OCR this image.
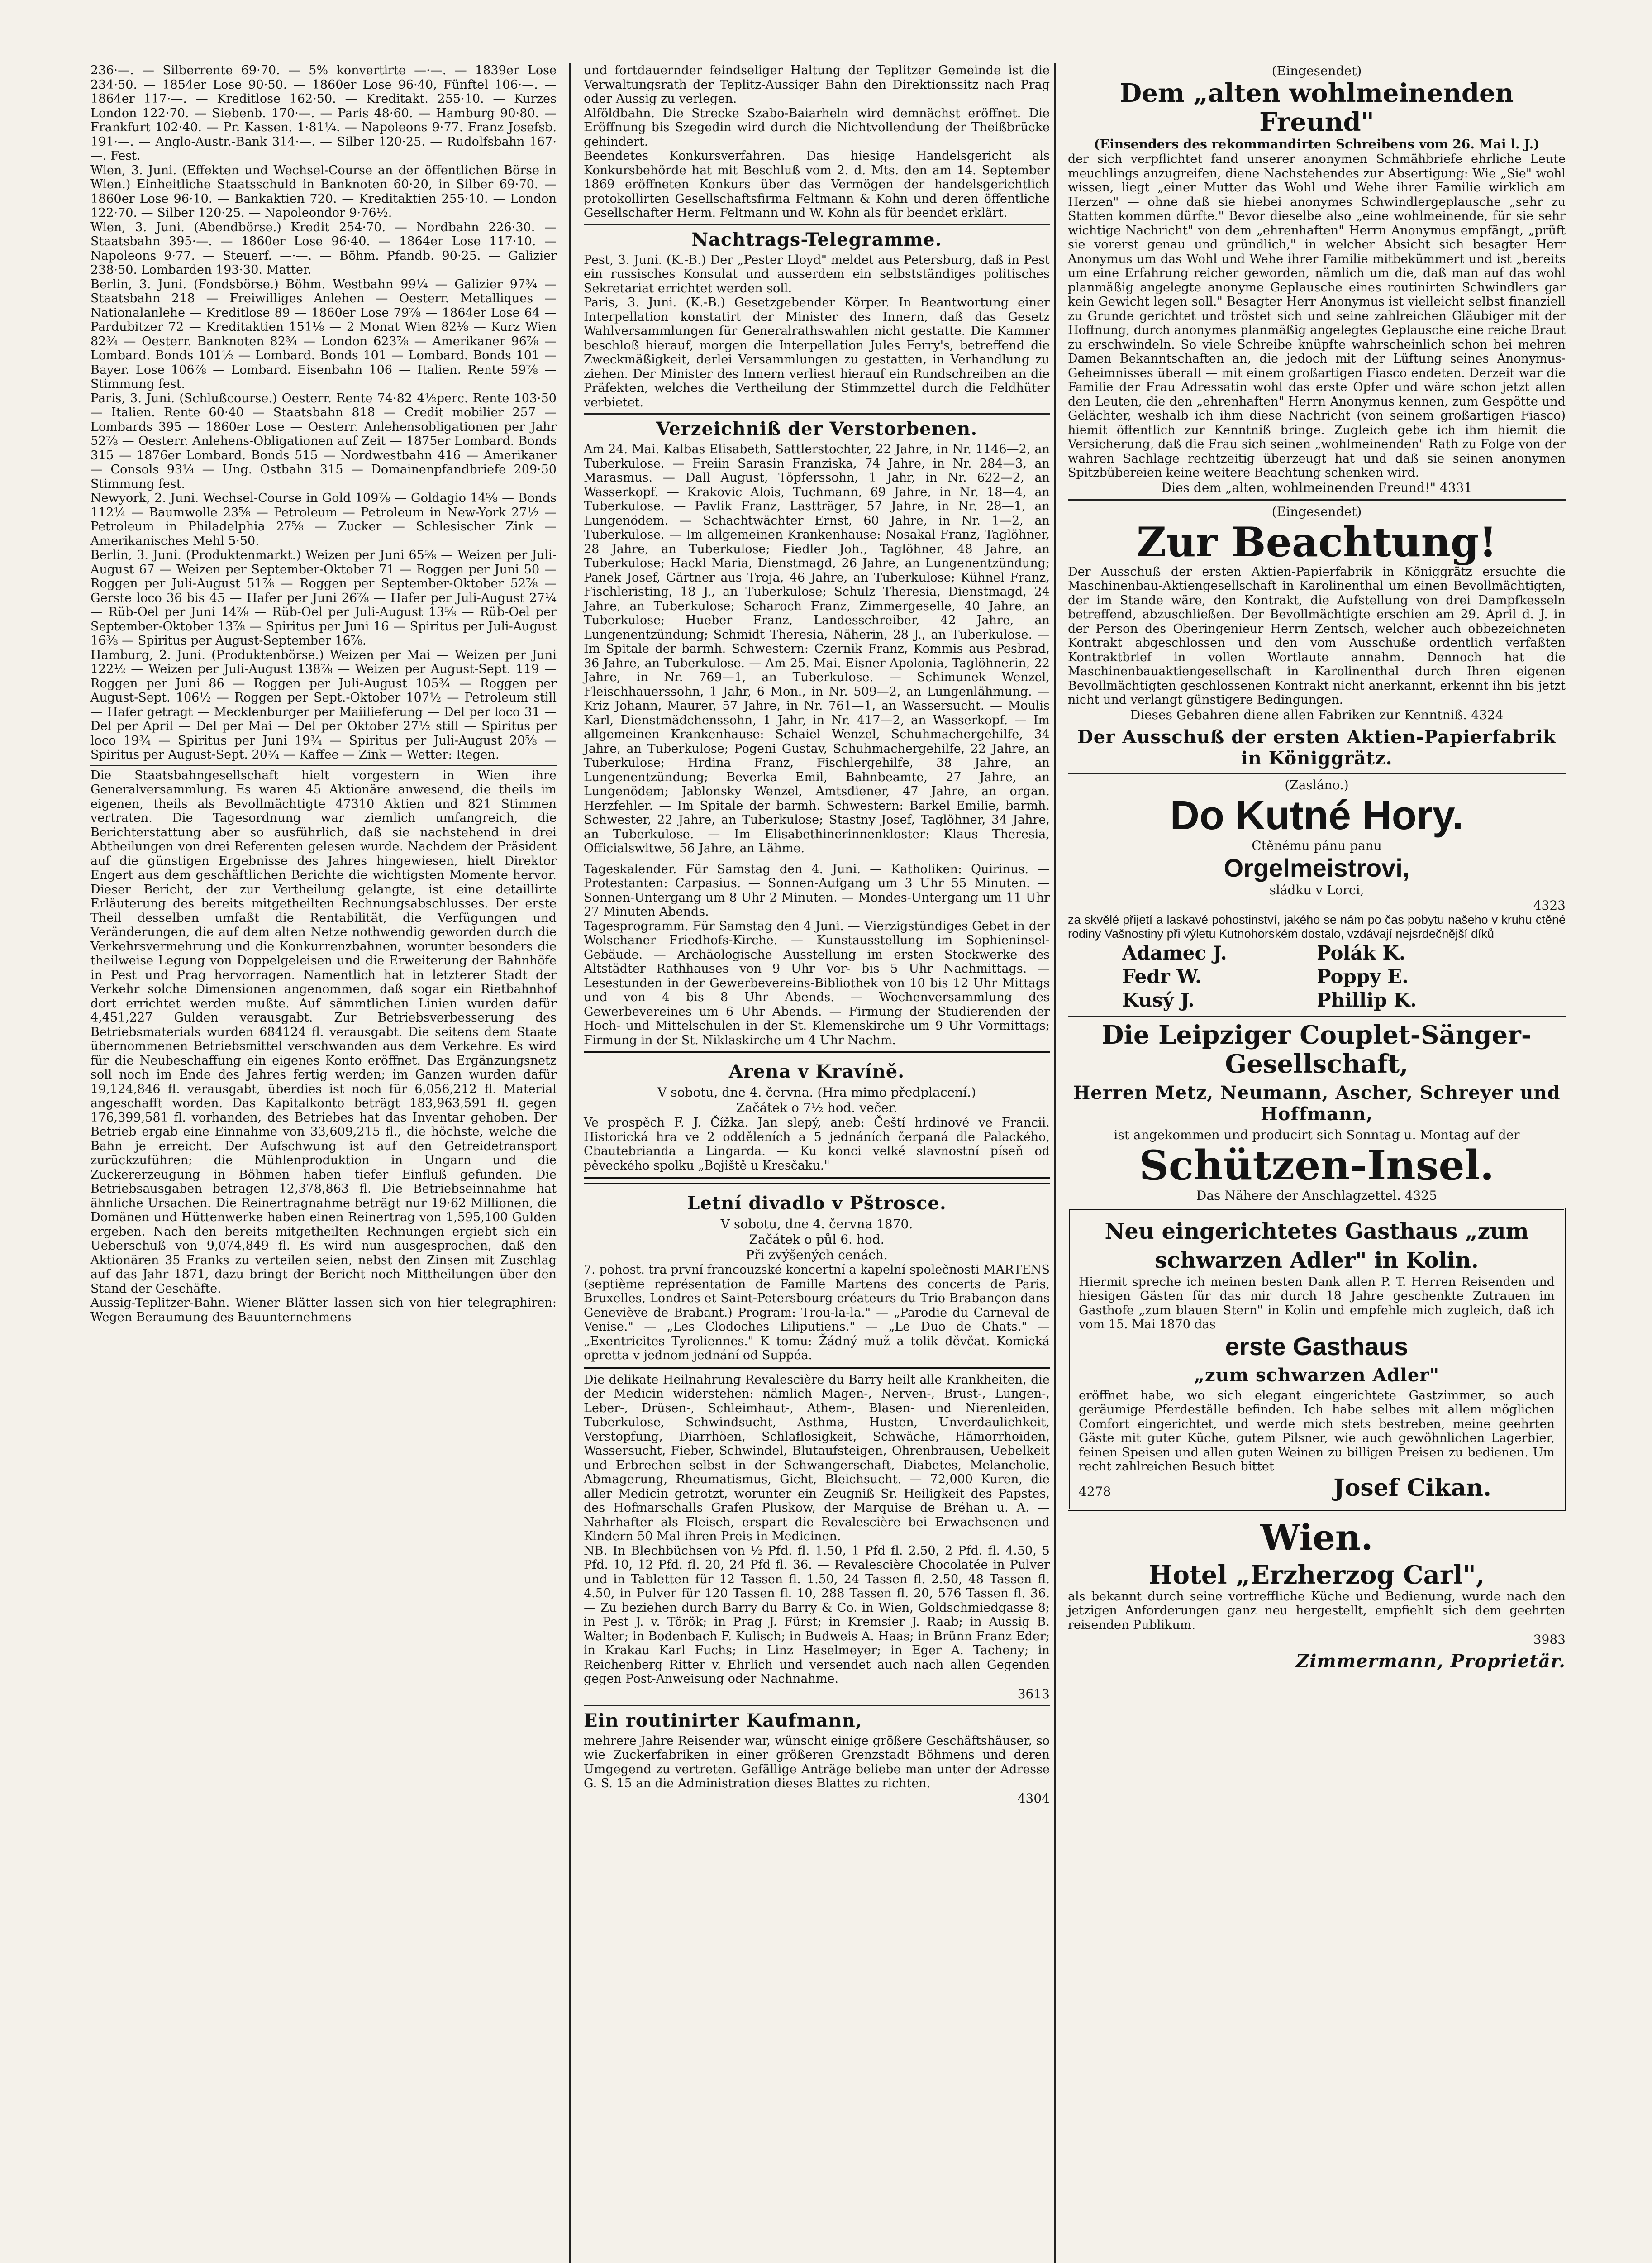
236·—. — Silberrente 69·70. — 5% konvertirte —·—. — 1839er Lose 234·50. — 1854er Lose 90·50. — 1860er Lose 96·40, Fünftel 106·—. — 1864er 117·—. — Kreditlose 162·50. — Kreditakt. 255·10. — Kurzes London 122·70. — Siebenb. 170·—. — Paris 48·60. — Hamburg 90·80. — Frankfurt 102·40. — Pr. Kassen. 1·81¼. — Napoleons 9·77. Franz Josefsb. 191·—. — Anglo-Austr.-Bank 314·—. — Silber 120·25. — Rudolfsbahn 167·—. Fest.

Wien, 3. Juni. (Effekten und Wechsel-Course an der öffentlichen Börse in Wien.) Einheitliche Staatsschuld in Banknoten 60·20, in Silber 69·70. — 1860er Lose 96·10. — Bankaktien 720. — Kreditaktien 255·10. — London 122·70. — Silber 120·25. — Napoleondor 9·76½.

Wien, 3. Juni. (Abendbörse.) Kredit 254·70. — Nordbahn 226·30. — Staatsbahn 395·—. — 1860er Lose 96·40. — 1864er Lose 117·10. — Napoleons 9·77. — Steuerf. —·—. — Böhm. Pfandb. 90·25. — Galizier 238·50. Lombarden 193·30. Matter.

Berlin, 3. Juni. (Fondsbörse.) Böhm. Westbahn 99¼ — Galizier 97¾ — Staatsbahn 218 — Freiwilliges Anlehen — Oesterr. Metalliques — Nationalanlehe — Kreditlose 89 — 1860er Lose 79⅞ — 1864er Lose 64 — Pardubitzer 72 — Kreditaktien 151⅛ — 2 Monat Wien 82⅛ — Kurz Wien 82¾ — Oesterr. Banknoten 82¾ — London 623⅞ — Amerikaner 96⅞ — Lombard. Bonds 101½ — Lombard. Bonds 101 — Lombard. Bonds 101 — Bayer. Lose 106⅞ — Lombard. Eisenbahn 106 — Italien. Rente 59⅞ — Stimmung fest.

Paris, 3. Juni. (Schlußcourse.) Oesterr. Rente 74·82 4½perc. Rente 103·50 — Italien. Rente 60·40 — Staatsbahn 818 — Credit mobilier 257 — Lombards 395 — 1860er Lose — Oesterr. Anlehensobligationen per Jahr 52⅞ — Oesterr. Anlehens-Obligationen auf Zeit — 1875er Lombard. Bonds 315 — 1876er Lombard. Bonds 515 — Nordwestbahn 416 — Amerikaner — Consols 93¼ — Ung. Ostbahn 315 — Domainenpfandbriefe 209·50 Stimmung fest.

Newyork, 2. Juni. Wechsel-Course in Gold 109⅞ — Goldagio 14⅝ — Bonds 112¼ — Baumwolle 23⅝ — Petroleum — Petroleum in New-York 27½ — Petroleum in Philadelphia 27⅝ — Zucker — Schlesischer Zink — Amerikanisches Mehl 5·50.

Berlin, 3. Juni. (Produktenmarkt.) Weizen per Juni 65⅝ — Weizen per Juli-August 67 — Weizen per September-Oktober 71 — Roggen per Juni 50 — Roggen per Juli-August 51⅞ — Roggen per September-Oktober 52⅞ — Gerste loco 36 bis 45 — Hafer per Juni 26⅞ — Hafer per Juli-August 27¼ — Rüb-Oel per Juni 14⅞ — Rüb-Oel per Juli-August 13⅝ — Rüb-Oel per September-Oktober 13⅞ — Spiritus per Juni 16 — Spiritus per Juli-August 16⅜ — Spiritus per August-September 16⅞.

Hamburg, 2. Juni. (Produktenbörse.) Weizen per Mai — Weizen per Juni 122½ — Weizen per Juli-August 138⅞ — Weizen per August-Sept. 119 — Roggen per Juni 86 — Roggen per Juli-August 105¾ — Roggen per August-Sept. 106½ — Roggen per Sept.-Oktober 107½ — Petroleum still — Hafer getragt — Mecklenburger per Maiilieferung — Del per loco 31 — Del per April — Del per Mai — Del per Oktober 27½ still — Spiritus per loco 19¾ — Spiritus per Juni 19¾ — Spiritus per Juli-August 20⅝ — Spiritus per August-Sept. 20¾ — Kaffee — Zink — Wetter: Regen.

Die Staatsbahngesellschaft hielt vorgestern in Wien ihre Generalversammlung. Es waren 45 Aktionäre anwesend, die theils im eigenen, theils als Bevollmächtigte 47310 Aktien und 821 Stimmen vertraten. Die Tagesordnung war ziemlich umfangreich, die Berichterstattung aber so ausführlich, daß sie nachstehend in drei Abtheilungen von drei Referenten gelesen wurde. Nachdem der Präsident auf die günstigen Ergebnisse des Jahres hingewiesen, hielt Direktor Engert aus dem geschäftlichen Berichte die wichtigsten Momente hervor. Dieser Bericht, der zur Vertheilung gelangte, ist eine detaillirte Erläuterung des bereits mitgetheilten Rechnungsabschlusses. Der erste Theil desselben umfaßt die Rentabilität, die Verfügungen und Veränderungen, die auf dem alten Netze nothwendig geworden durch die Verkehrsvermehrung und die Konkurrenzbahnen, worunter besonders die theilweise Legung von Doppelgeleisen und die Erweiterung der Bahnhöfe in Pest und Prag hervorragen. Namentlich hat in letzterer Stadt der Verkehr solche Dimensionen angenommen, daß sogar ein Rietbahnhof dort errichtet werden mußte. Auf sämmtlichen Linien wurden dafür 4,451,227 Gulden verausgabt. Zur Betriebsverbesserung des Betriebsmaterials wurden 684124 fl. verausgabt. Die seitens dem Staate übernommenen Betriebsmittel verschwanden aus dem Verkehre. Es wird für die Neubeschaffung ein eigenes Konto eröffnet. Das Ergänzungsnetz soll noch im Ende des Jahres fertig werden; im Ganzen wurden dafür 19,124,846 fl. verausgabt, überdies ist noch für 6,056,212 fl. Material angeschafft worden. Das Kapitalkonto beträgt 183,963,591 fl. gegen 176,399,581 fl. vorhanden, des Betriebes hat das Inventar gehoben. Der Betrieb ergab eine Einnahme von 33,609,215 fl., die höchste, welche die Bahn je erreicht. Der Aufschwung ist auf den Getreidetransport zurückzuführen; die Mühlenproduktion in Ungarn und die Zuckererzeugung in Böhmen haben tiefer Einfluß gefunden. Die Betriebsausgaben betragen 12,378,863 fl. Die Betriebseinnahme hat ähnliche Ursachen. Die Reinertragnahme beträgt nur 19·62 Millionen, die Domänen und Hüttenwerke haben einen Reinertrag von 1,595,100 Gulden ergeben. Nach den bereits mitgetheilten Rechnungen ergiebt sich ein Ueberschuß von 9,074,849 fl. Es wird nun ausgesprochen, daß den Aktionären 35 Franks zu verteilen seien, nebst den Zinsen mit Zuschlag auf das Jahr 1871, dazu bringt der Bericht noch Mittheilungen über den Stand der Geschäfte.

Aussig-Teplitzer-Bahn. Wiener Blätter lassen sich von hier telegraphiren: Wegen Beraumung des Bauunternehmens

und fortdauernder feindseliger Haltung der Teplitzer Gemeinde ist die Verwaltungsrath der Teplitz-Aussiger Bahn den Direktionssitz nach Prag oder Aussig zu verlegen.

Alföldbahn. Die Strecke Szabo-Baiarheln wird demnächst eröffnet. Die Eröffnung bis Szegedin wird durch die Nichtvollendung der Theißbrücke gehindert.

Beendetes Konkursverfahren. Das hiesige Handelsgericht als Konkursbehörde hat mit Beschluß vom 2. d. Mts. den am 14. September 1869 eröffneten Konkurs über das Vermögen der handelsgerichtlich protokollirten Gesellschaftsfirma Feltmann & Kohn und deren öffentliche Gesellschafter Herm. Feltmann und W. Kohn als für beendet erklärt.

Nachtrags-Telegramme.

Pest, 3. Juni. (K.-B.) Der „Pester Lloyd" meldet aus Petersburg, daß in Pest ein russisches Konsulat und ausserdem ein selbstständiges politisches Sekretariat errichtet werden soll.

Paris, 3. Juni. (K.-B.) Gesetzgebender Körper. In Beantwortung einer Interpellation konstatirt der Minister des Innern, daß das Gesetz Wahlversammlungen für Generalrathswahlen nicht gestatte. Die Kammer beschloß hierauf, morgen die Interpellation Jules Ferry's, betreffend die Zweckmäßigkeit, derlei Versammlungen zu gestatten, in Verhandlung zu ziehen. Der Minister des Innern verliest hierauf ein Rundschreiben an die Präfekten, welches die Vertheilung der Stimmzettel durch die Feldhüter verbietet.

Verzeichniß der Verstorbenen.

Am 24. Mai. Kalbas Elisabeth, Sattlerstochter, 22 Jahre, in Nr. 1146—2, an Tuberkulose. — Freiin Sarasin Franziska, 74 Jahre, in Nr. 284—3, an Marasmus. — Dall August, Töpferssohn, 1 Jahr, in Nr. 622—2, an Wasserkopf. — Krakovic Alois, Tuchmann, 69 Jahre, in Nr. 18—4, an Tuberkulose. — Pavlik Franz, Lastträger, 57 Jahre, in Nr. 28—1, an Lungenödem. — Schachtwächter Ernst, 60 Jahre, in Nr. 1—2, an Tuberkulose. — Im allgemeinen Krankenhause: Nosakal Franz, Taglöhner, 28 Jahre, an Tuberkulose; Fiedler Joh., Taglöhner, 48 Jahre, an Tuberkulose; Hackl Maria, Dienstmagd, 26 Jahre, an Lungenentzündung; Panek Josef, Gärtner aus Troja, 46 Jahre, an Tuberkulose; Kühnel Franz, Fischleristing, 18 J., an Tuberkulose; Schulz Theresia, Dienstmagd, 24 Jahre, an Tuberkulose; Scharoch Franz, Zimmergeselle, 40 Jahre, an Tuberkulose; Hueber Franz, Landesschreiber, 42 Jahre, an Lungenentzündung; Schmidt Theresia, Näherin, 28 J., an Tuberkulose. — Im Spitale der barmh. Schwestern: Czernik Franz, Kommis aus Pesbrad, 36 Jahre, an Tuberkulose. — Am 25. Mai. Eisner Apolonia, Taglöhnerin, 22 Jahre, in Nr. 769—1, an Tuberkulose. — Schimunek Wenzel, Fleischhauerssohn, 1 Jahr, 6 Mon., in Nr. 509—2, an Lungenlähmung. — Kriz Johann, Maurer, 57 Jahre, in Nr. 761—1, an Wassersucht. — Moulis Karl, Dienstmädchenssohn, 1 Jahr, in Nr. 417—2, an Wasserkopf. — Im allgemeinen Krankenhause: Schaiel Wenzel, Schuhmachergehilfe, 34 Jahre, an Tuberkulose; Pogeni Gustav, Schuhmachergehilfe, 22 Jahre, an Tuberkulose; Hrdina Franz, Fischlergehilfe, 38 Jahre, an Lungenentzündung; Beverka Emil, Bahnbeamte, 27 Jahre, an Lungenödem; Jablonsky Wenzel, Amtsdiener, 47 Jahre, an organ. Herzfehler. — Im Spitale der barmh. Schwestern: Barkel Emilie, barmh. Schwester, 22 Jahre, an Tuberkulose; Stastny Josef, Taglöhner, 34 Jahre, an Tuberkulose. — Im Elisabethinerinnenkloster: Klaus Theresia, Officialswitwe, 56 Jahre, an Lähme.

Tageskalender. Für Samstag den 4. Juni. — Katholiken: Quirinus. — Protestanten: Carpasius. — Sonnen-Aufgang um 3 Uhr 55 Minuten. — Sonnen-Untergang um 8 Uhr 2 Minuten. — Mondes-Untergang um 11 Uhr 27 Minuten Abends.

Tagesprogramm. Für Samstag den 4 Juni. — Vierzigstündiges Gebet in der Wolschaner Friedhofs-Kirche. — Kunstausstellung im Sophieninsel-Gebäude. — Archäologische Ausstellung im ersten Stockwerke des Altstädter Rathhauses von 9 Uhr Vor- bis 5 Uhr Nachmittags. — Lesestunden in der Gewerbevereins-Bibliothek von 10 bis 12 Uhr Mittags und von 4 bis 8 Uhr Abends. — Wochenversammlung des Gewerbevereines um 6 Uhr Abends. — Firmung der Studierenden der Hoch- und Mittelschulen in der St. Klemenskirche um 9 Uhr Vormittags; Firmung in der St. Niklaskirche um 4 Uhr Nachm.

Arena v Kravíně.
V sobotu, dne 4. června. (Hra mimo předplacení.)
Začátek o 7½ hod. večer.

Ve prospěch F. J. Čížka. Jan slepý, aneb: Čeští hrdinové ve Francii. Historická hra ve 2 odděleních a 5 jednáních čerpaná dle Palackého, Cbautebrianda a Lingarda. — Ku konci velké slavnostní píseň od pěveckého spolku „Bojiště u Kresčaku."

Letní divadlo v Pštrosce.
V sobotu, dne 4. června 1870.
Začátek o půl 6. hod.
Při zvýšených cenách.

7. pohost. tra první francouzské koncertní a kapelní společnosti MARTENS (septième représentation de Famille Martens des concerts de Paris, Bruxelles, Londres et Saint-Petersbourg créateurs du Trio Brabançon dans Geneviève de Brabant.) Program: Trou-la-la." — „Parodie du Carneval de Venise." — „Les Clodoches Liliputiens." — „Le Duo de Chats." — „Exentricites Tyroliennes." K tomu: Žádný muž a tolik děvčat. Komická opretta v jednom jednání od Suppéa.

Die delikate Heilnahrung Revalescière du Barry heilt alle Krankheiten, die der Medicin widerstehen: nämlich Magen-, Nerven-, Brust-, Lungen-, Leber-, Drüsen-, Schleimhaut-, Athem-, Blasen- und Nierenleiden, Tuberkulose, Schwindsucht, Asthma, Husten, Unverdaulichkeit, Verstopfung, Diarrhöen, Schlaflosigkeit, Schwäche, Hämorrhoiden, Wassersucht, Fieber, Schwindel, Blutaufsteigen, Ohrenbrausen, Uebelkeit und Erbrechen selbst in der Schwangerschaft, Diabetes, Melancholie, Abmagerung, Rheumatismus, Gicht, Bleichsucht. — 72,000 Kuren, die aller Medicin getrotzt, worunter ein Zeugniß Sr. Heiligkeit des Papstes, des Hofmarschalls Grafen Pluskow, der Marquise de Bréhan u. A. — Nahrhafter als Fleisch, erspart die Revalescière bei Erwachsenen und Kindern 50 Mal ihren Preis in Medicinen.

NB. In Blechbüchsen von ½ Pfd. fl. 1.50, 1 Pfd fl. 2.50, 2 Pfd. fl. 4.50, 5 Pfd. 10, 12 Pfd. fl. 20, 24 Pfd fl. 36. — Revalescière Chocolatée in Pulver und in Tabletten für 12 Tassen fl. 1.50, 24 Tassen fl. 2.50, 48 Tassen fl. 4.50, in Pulver für 120 Tassen fl. 10, 288 Tassen fl. 20, 576 Tassen fl. 36. — Zu beziehen durch Barry du Barry & Co. in Wien, Goldschmiedgasse 8; in Pest J. v. Török; in Prag J. Fürst; in Kremsier J. Raab; in Aussig B. Walter; in Bodenbach F. Kulisch; in Budweis A. Haas; in Brünn Franz Eder; in Krakau Karl Fuchs; in Linz Haselmeyer; in Eger A. Tacheny; in Reichenberg Ritter v. Ehrlich und versendet auch nach allen Gegenden gegen Post-Anweisung oder Nachnahme.

3613
Ein routinirter Kaufmann,

mehrere Jahre Reisender war, wünscht einige größere Geschäftshäuser, so wie Zuckerfabriken in einer größeren Grenzstadt Böhmens und deren Umgegend zu vertreten. Gefällige Anträge beliebe man unter der Adresse G. S. 15 an die Administration dieses Blattes zu richten.

4304
(Eingesendet)
Dem „alten wohlmeinenden Freund"
(Einsenders des rekommandirten Schreibens vom 26. Mai l. J.)

der sich verpflichtet fand unserer anonymen Schmähbriefe ehrliche Leute meuchlings anzugreifen, diene Nachstehendes zur Absertigung: Wie „Sie" wohl wissen, liegt „einer Mutter das Wohl und Wehe ihrer Familie wirklich am Herzen" — ohne daß sie hiebei anonymes Schwindlergeplausche „sehr zu Statten kommen dürfte." Bevor dieselbe also „eine wohlmeinende, für sie sehr wichtige Nachricht" von dem „ehrenhaften" Herrn Anonymus empfängt, „prüft sie vorerst genau und gründlich," in welcher Absicht sich besagter Herr Anonymus um das Wohl und Wehe ihrer Familie mitbekümmert und ist „bereits um eine Erfahrung reicher geworden, nämlich um die, daß man auf das wohl planmäßig angelegte anonyme Geplausche eines routinirten Schwindlers gar kein Gewicht legen soll." Besagter Herr Anonymus ist vielleicht selbst finanziell zu Grunde gerichtet und tröstet sich und seine zahlreichen Gläubiger mit der Hoffnung, durch anonymes planmäßig angelegtes Geplausche eine reiche Braut zu erschwindeln. So viele Schreibe knüpfte wahrscheinlich schon bei mehren Damen Bekanntschaften an, die jedoch mit der Lüftung seines Anonymus-Geheimnisses überall — mit einem großartigen Fiasco endeten. Derzeit war die Familie der Frau Adressatin wohl das erste Opfer und wäre schon jetzt allen den Leuten, die den „ehrenhaften" Herrn Anonymus kennen, zum Gespötte und Gelächter, weshalb ich ihm diese Nachricht (von seinem großartigen Fiasco) hiemit öffentlich zur Kenntniß bringe. Zugleich gebe ich ihm hiemit die Versicherung, daß die Frau sich seinen „wohlmeinenden" Rath zu Folge von der wahren Sachlage rechtzeitig überzeugt hat und daß sie seinen anonymen Spitzbübereien keine weitere Beachtung schenken wird.

Dies dem „alten, wohlmeinenden Freund!" 4331
(Eingesendet)
Zur Beachtung!

Der Ausschuß der ersten Aktien-Papierfabrik in Königgrätz ersuchte die Maschinenbau-Aktiengesellschaft in Karolinenthal um einen Bevollmächtigten, der im Stande wäre, den Kontrakt, die Aufstellung von drei Dampfkesseln betreffend, abzuschließen. Der Bevollmächtigte erschien am 29. April d. J. in der Person des Oberingenieur Herrn Zentsch, welcher auch obbezeichneten Kontrakt abgeschlossen und den vom Ausschuße ordentlich verfaßten Kontraktbrief in vollen Wortlaute annahm. Dennoch hat die Maschinenbauaktiengesellschaft in Karolinenthal durch Ihren eigenen Bevollmächtigten geschlossenen Kontrakt nicht anerkannt, erkennt ihn bis jetzt nicht und verlangt günstigere Bedingungen.

Dieses Gebahren diene allen Fabriken zur Kenntniß. 4324
Der Ausschuß der ersten Aktien-Papierfabrik in Königgrätz.
(Zasláno.)
Do Kutné Hory.
Ctěnému pánu panu
Orgelmeistrovi,
sládku v Lorci,
4323

za skvělé přijetí a laskavé pohostinství, jakého se nám po čas pobytu našeho v kruhu ctěné rodiny Vašnostiny při výletu Kutnohorském dostalo, vzdávají nejsrdečnější díků

Adamec J.	Polák K.
Fedr W.	Poppy E.
Kusý J.	Phillip K.
Die Leipziger Couplet-Sänger-Gesellschaft,
Herren Metz, Neumann, Ascher, Schreyer und Hoffmann,
ist angekommen und producirt sich Sonntag u. Montag auf der
Schützen-Insel.
Das Nähere der Anschlagzettel. 4325
Neu eingerichtetes Gasthaus „zum schwarzen Adler" in Kolin.

Hiermit spreche ich meinen besten Dank allen P. T. Herren Reisenden und hiesigen Gästen für das mir durch 18 Jahre geschenkte Zutrauen im Gasthofe „zum blauen Stern" in Kolin und empfehle mich zugleich, daß ich vom 15. Mai 1870 das

erste Gasthaus
„zum schwarzen Adler"

eröffnet habe, wo sich elegant eingerichtete Gastzimmer, so auch geräumige Pferdeställe befinden. Ich habe selbes mit allem möglichen Comfort eingerichtet, und werde mich stets bestreben, meine geehrten Gäste mit guter Küche, gutem Pilsner, wie auch gewöhnlichen Lagerbier, feinen Speisen und allen guten Weinen zu billigen Preisen zu bedienen. Um recht zahlreichen Besuch bittet

4278	Josef Cikan.
Wien.
Hotel „Erzherzog Carl",

als bekannt durch seine vortreffliche Küche und Bedienung, wurde nach den jetzigen Anforderungen ganz neu hergestellt, empfiehlt sich dem geehrten reisenden Publikum.

3983
Zimmermann, Proprietär.
